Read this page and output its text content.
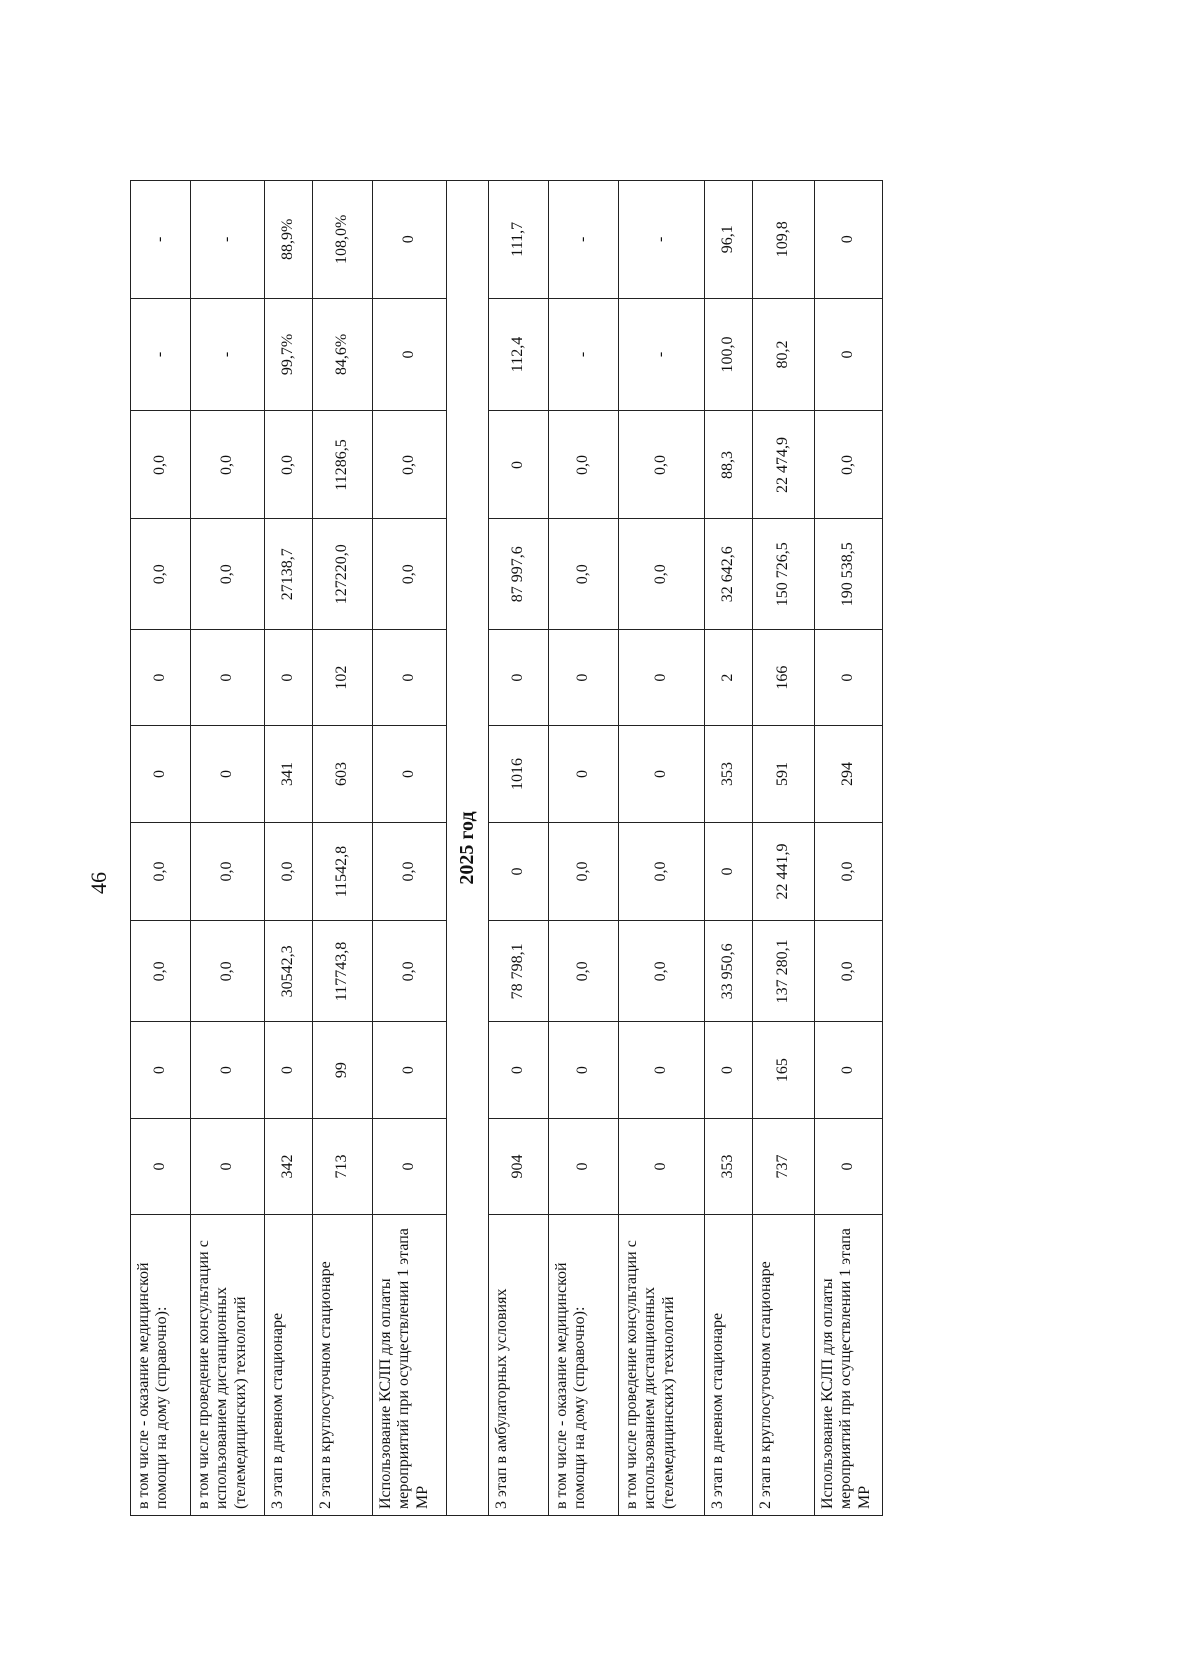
46
в том числе - оказание медицинской помощи на дому (справочно):	0	0	0,0	0,0	0	0	0,0	0,0	-	-
в том числе проведение консультации с использованием дистанционных (телемедицинских) технологий	0	0	0,0	0,0	0	0	0,0	0,0	-	-
3 этап в дневном стационаре	342	0	30542,3	0,0	341	0	27138,7	0,0	99,7%	88,9%
2 этап в круглосуточном стационаре	713	99	117743,8	11542,8	603	102	127220,0	11286,5	84,6%	108,0%
Использование КСЛП для оплаты мероприятий при осуществлении 1 этапа МР	0	0	0,0	0,0	0	0	0,0	0,0	0	0
2025 год										
3 этап в амбулаторных условиях	904	0	78 798,1	0	1016	0	87 997,6	0	112,4	111,7
в том числе - оказание медицинской помощи на дому (справочно):	0	0	0,0	0,0	0	0	0,0	0,0	-	-
в том числе проведение консультации с использованием дистанционных (телемедицинских) технологий	0	0	0,0	0,0	0	0	0,0	0,0	-	-
3 этап в дневном стационаре	353	0	33 950,6	0	353	2	32 642,6	88,3	100,0	96,1
2 этап в круглосуточном стационаре	737	165	137 280,1	22 441,9	591	166	150 726,5	22 474,9	80,2	109,8
Использование КСЛП для оплаты мероприятий при осуществлении 1 этапа МР	0	0	0,0	0,0	294	0	190 538,5	0,0	0	0
